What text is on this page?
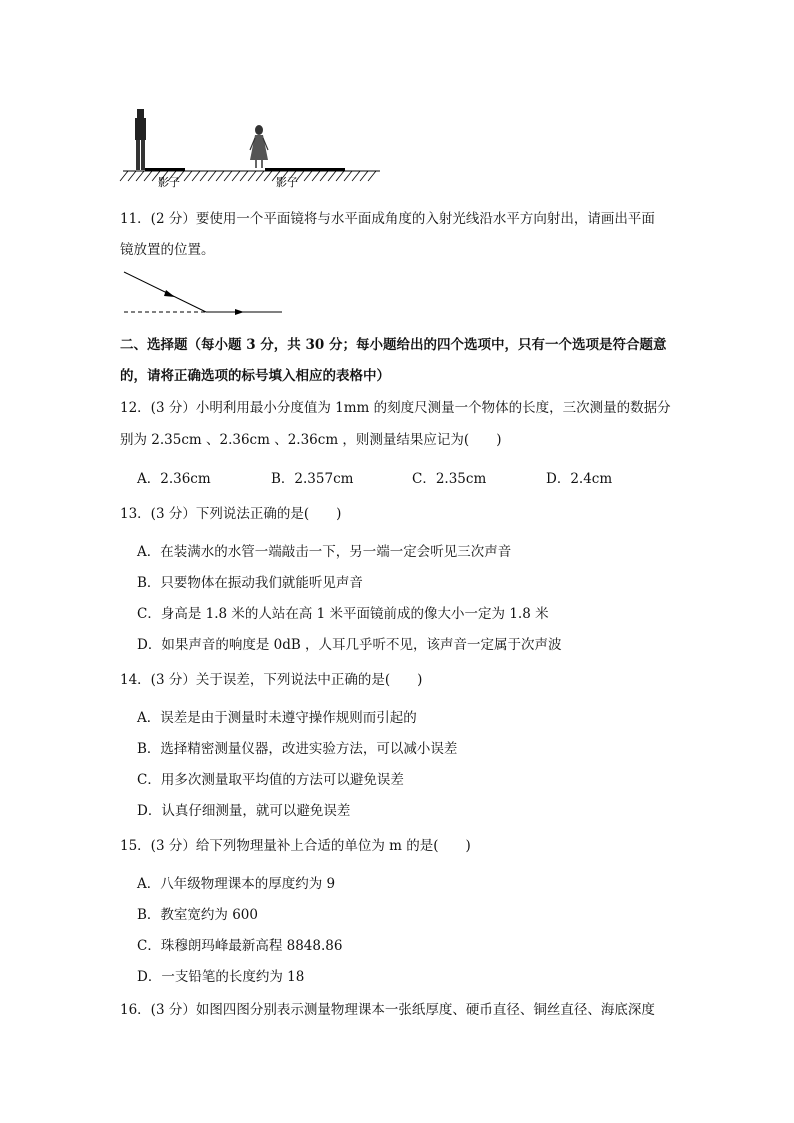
影子	影子
11．(2 分）要使用一个平面镜将与水平面成角度的入射光线沿水平方向射出，请画出平面
镜放置的位置。
二、选择题（每小题 3 分，共 30 分；每小题给出的四个选项中，只有一个选项是符合题意
的，请将正确选项的标号填入相应的表格中）
12．(3 分）小明利用最小分度值为 1mm 的刻度尺测量一个物体的长度，三次测量的数据分
别为 2.35cm 、2.36cm 、2.36cm ，则测量结果应记为(　　)
A．2.36cm	B．2.357cm	C．2.35cm	D．2.4cm
13．(3 分）下列说法正确的是(　　)
A．在装满水的水管一端敲击一下，另一端一定会听见三次声音
B．只要物体在振动我们就能听见声音
C．身高是 1.8 米的人站在高 1 米平面镜前成的像大小一定为 1.8 米
D．如果声音的响度是 0dB ，人耳几乎听不见，该声音一定属于次声波
14．(3 分）关于误差，下列说法中正确的是(　　)
A．误差是由于测量时未遵守操作规则而引起的
B．选择精密测量仪器，改进实验方法，可以减小误差
C．用多次测量取平均值的方法可以避免误差
D．认真仔细测量，就可以避免误差
15．(3 分）给下列物理量补上合适的单位为 m 的是(　　)
A．八年级物理课本的厚度约为 9
B．教室宽约为 600
C．珠穆朗玛峰最新高程 8848.86
D．一支铅笔的长度约为 18
16．(3 分）如图四图分别表示测量物理课本一张纸厚度、硬币直径、铜丝直径、海底深度
